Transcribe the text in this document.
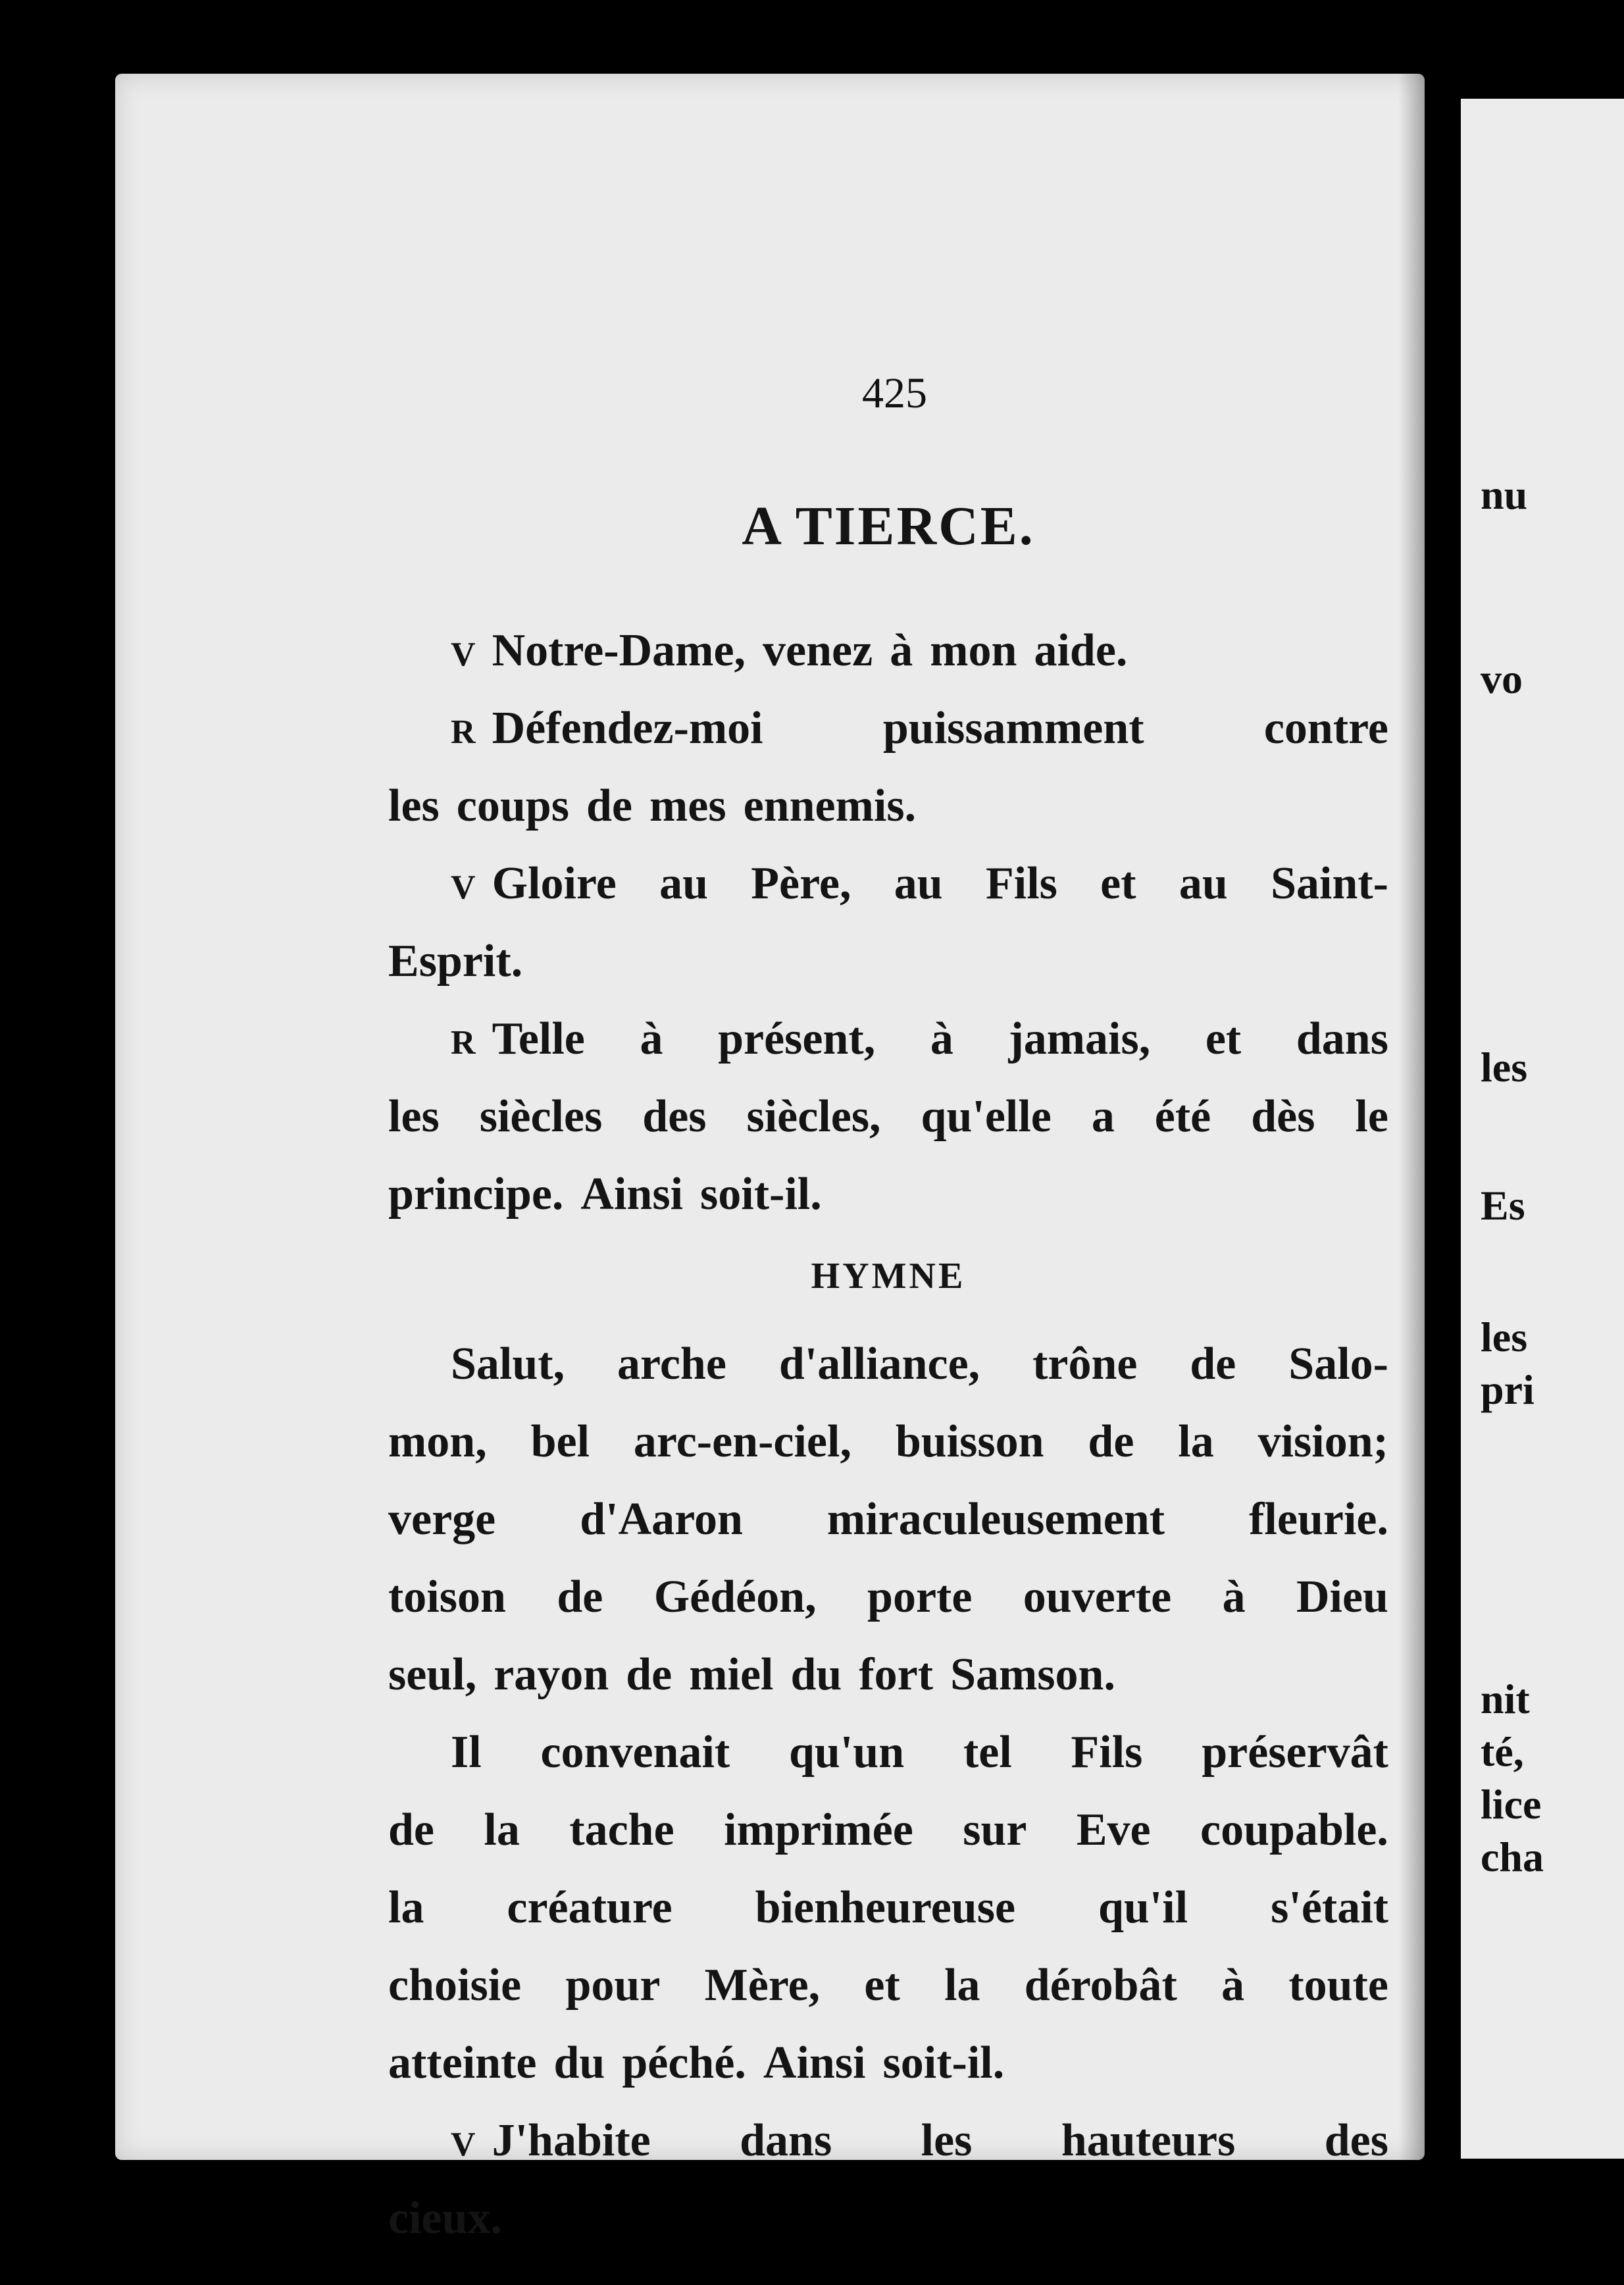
nu
vo
les
Es
les
pri
nit
té,
lice
cha
425
A TIERCE.
V Notre-Dame, venez à mon aide.
R Défendez-moi	puissamment	contre
les coups de mes ennemis.
V Gloire au Père, au Fils et au Saint-
Esprit.
R Telle à présent, à jamais, et dans
les siècles des siècles, qu'elle a été dès le
principe. Ainsi soit-il.
HYMNE
Salut, arche d'alliance, trône de Salo-
mon, bel arc-en-ciel, buisson de la vision;
verge d'Aaron miraculeusement fleurie.
toison de Gédéon, porte ouverte à Dieu
seul, rayon de miel du fort Samson.
Il convenait qu'un tel Fils préservât
de la tache imprimée sur Eve coupable.
la créature bienheureuse qu'il s'était
choisie pour Mère, et la dérobât à toute
atteinte du péché. Ainsi soit-il.
V J'habite dans les hauteurs des
cieux.
